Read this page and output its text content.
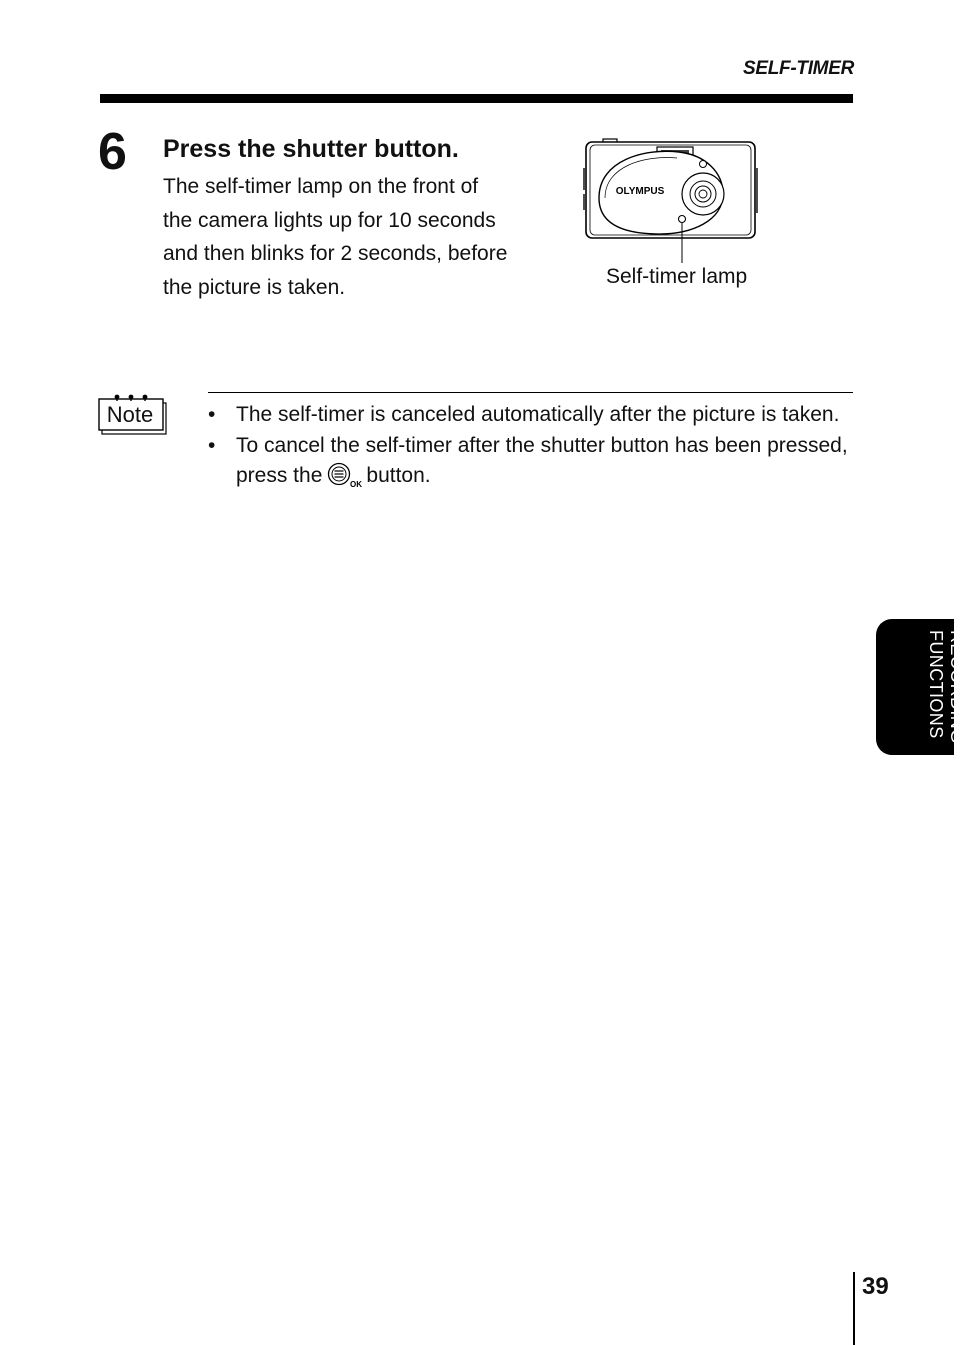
SELF-TIMER
6 Press the shutter button.
The self-timer lamp on the front of
the camera lights up for 10 seconds
and then blinks for 2 seconds, before
the picture is taken.
OLYMPUS
Self-timer lamp
Note
•	The self-timer is canceled automatically after the picture is taken.
• To cancel the self-timer after the shutter button has been pressed, press the	OK button.
RECORDING
FUNCTIONS
39
